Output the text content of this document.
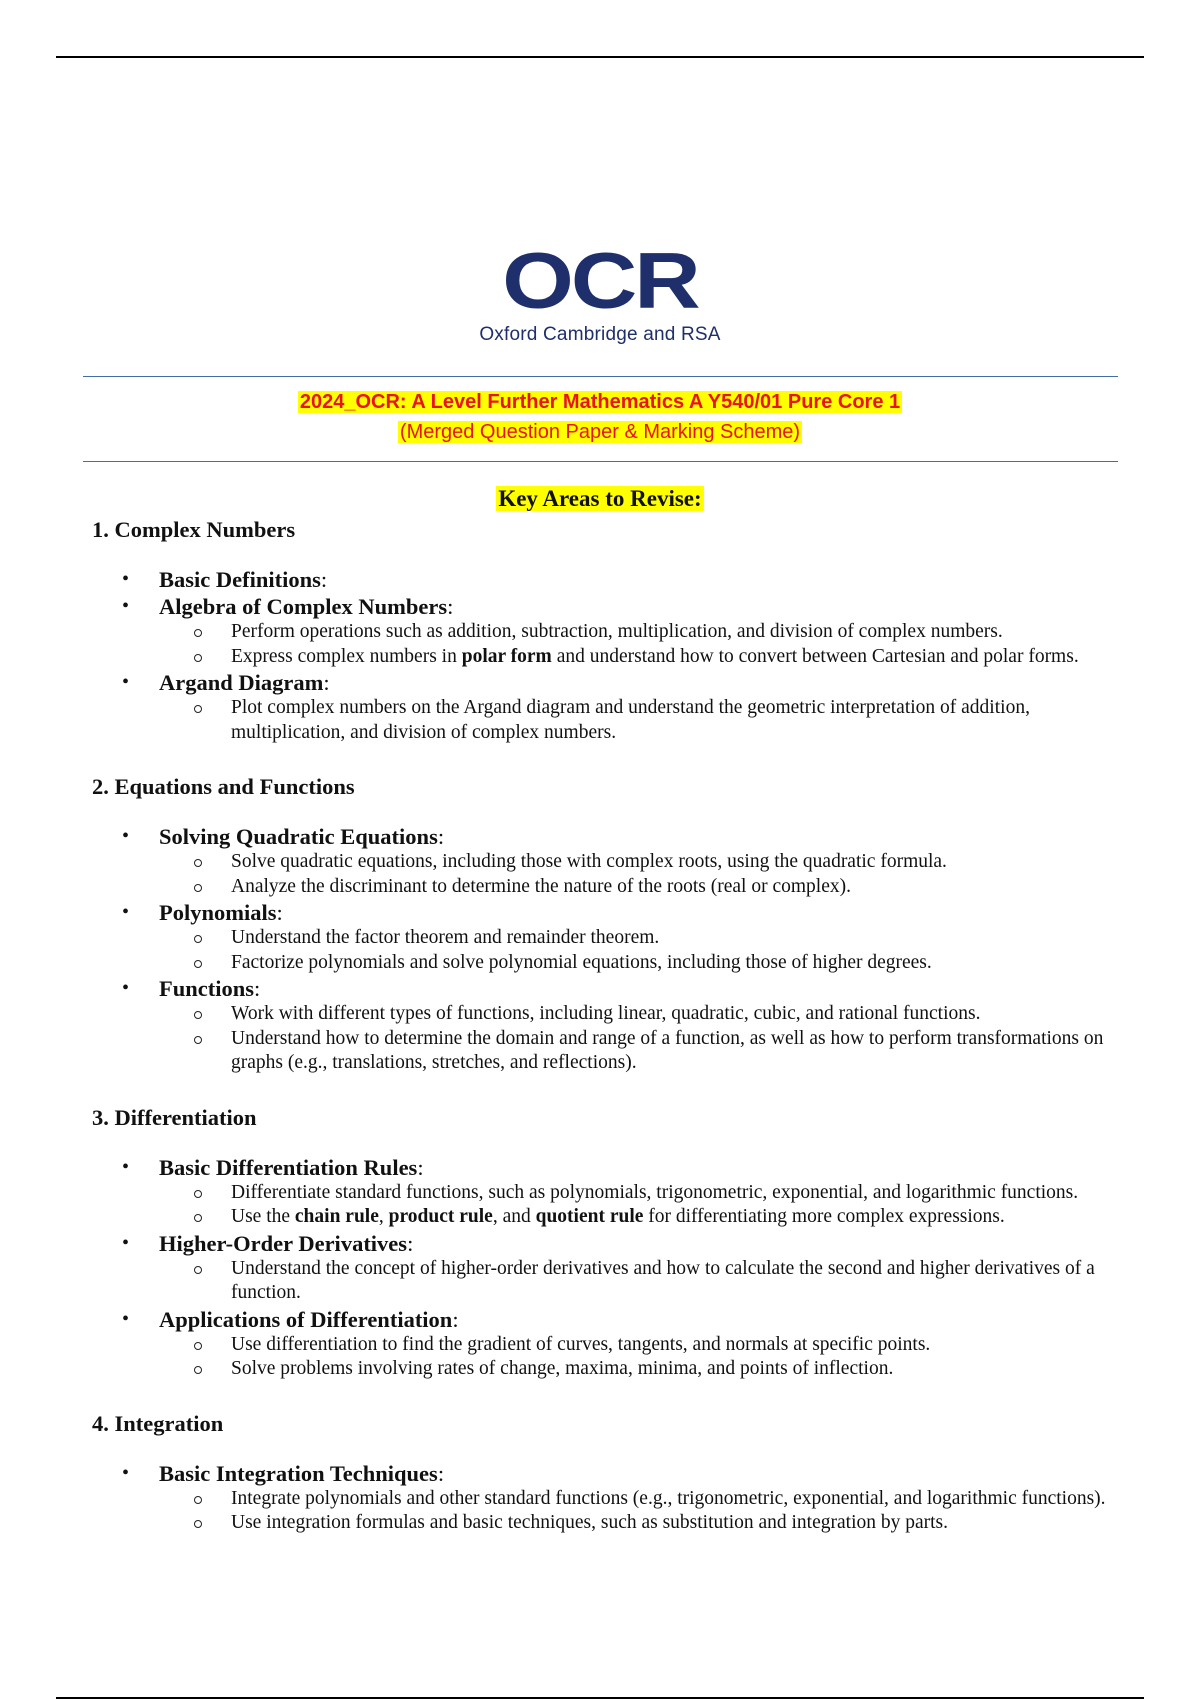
OCR
Oxford Cambridge and RSA
2024_OCR: A Level Further Mathematics A Y540/01 Pure Core 1
(Merged Question Paper & Marking Scheme)
Key Areas to Revise:
1. Complex Numbers
• Basic Definitions:
• Algebra of Complex Numbers:
Perform operations such as addition, subtraction, multiplication, and division of complex numbers.
Express complex numbers in polar form and understand how to convert between Cartesian and polar forms.
• Argand Diagram:
Plot complex numbers on the Argand diagram and understand the geometric interpretation of addition, multiplication, and division of complex numbers.
2. Equations and Functions
• Solving Quadratic Equations:
Solve quadratic equations, including those with complex roots, using the quadratic formula.
Analyze the discriminant to determine the nature of the roots (real or complex).
• Polynomials:
Understand the factor theorem and remainder theorem.
Factorize polynomials and solve polynomial equations, including those of higher degrees.
• Functions:
Work with different types of functions, including linear, quadratic, cubic, and rational functions.
Understand how to determine the domain and range of a function, as well as how to perform transformations on graphs (e.g., translations, stretches, and reflections).
3. Differentiation
• Basic Differentiation Rules:
Differentiate standard functions, such as polynomials, trigonometric, exponential, and logarithmic functions.
Use the chain rule, product rule, and quotient rule for differentiating more complex expressions.
• Higher-Order Derivatives:
Understand the concept of higher-order derivatives and how to calculate the second and higher derivatives of a function.
• Applications of Differentiation:
Use differentiation to find the gradient of curves, tangents, and normals at specific points.
Solve problems involving rates of change, maxima, minima, and points of inflection.
4. Integration
• Basic Integration Techniques:
Integrate polynomials and other standard functions (e.g., trigonometric, exponential, and logarithmic functions).
Use integration formulas and basic techniques, such as substitution and integration by parts.
